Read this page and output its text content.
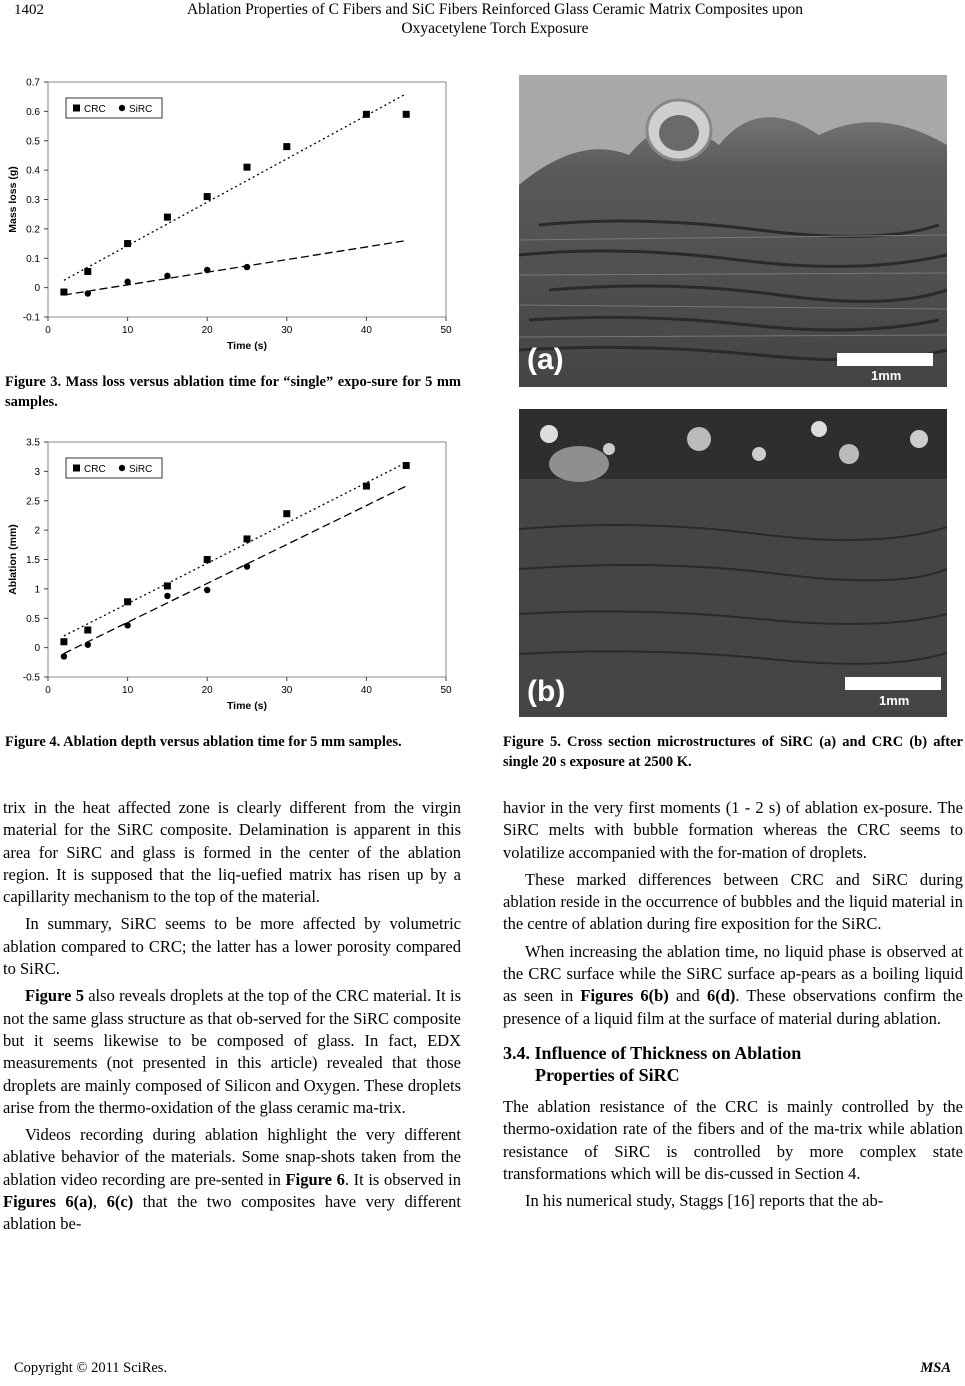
1402	Ablation Properties of C Fibers and SiC Fibers Reinforced Glass Ceramic Matrix Composites upon
Oxyacetylene Torch Exposure
0	10	20	30	40	50
-0.1
0
0.1
0.2
0.3
0.4
0.5
0.6
0.7
Time (s)
Mass loss (g)
CRC SiRC
Figure 3. Mass loss versus ablation time for “single” expo-sure for 5 mm samples.
0	10	20	30	40	50
-0.5
0
0.5
1
1.5
2
2.5
3
3.5
Time (s)
Ablation (mm)
CRC SiRC
Figure 4. Ablation depth versus ablation time for 5 mm samples.
(a)	1mm
(b)	1mm
Figure 5. Cross section microstructures of SiRC (a) and CRC (b) after single 20 s exposure at 2500 K.

trix in the heat affected zone is clearly different from the virgin material for the SiRC composite. Delamination is apparent in this area for SiRC and glass is formed in the center of the ablation region. It is supposed that the liq-uefied matrix has risen up by a capillarity mechanism to the top of the material.

In summary, SiRC seems to be more affected by volumetric ablation compared to CRC; the latter has a lower porosity compared to SiRC.

Figure 5 also reveals droplets at the top of the CRC material. It is not the same glass structure as that ob-served for the SiRC composite but it seems likewise to be composed of glass. In fact, EDX measurements (not presented in this article) revealed that those droplets are mainly composed of Silicon and Oxygen. These droplets arise from the thermo-oxidation of the glass ceramic ma-trix.

Videos recording during ablation highlight the very different ablative behavior of the materials. Some snap-shots taken from the ablation video recording are pre-sented in Figure 6. It is observed in Figures 6(a), 6(c) that the two composites have very different ablation be-

havior in the very first moments (1 - 2 s) of ablation ex-posure. The SiRC melts with bubble formation whereas the CRC seems to volatilize accompanied with the for-mation of droplets.

These marked differences between CRC and SiRC during ablation reside in the occurrence of bubbles and the liquid material in the centre of ablation during fire exposition for the SiRC.

When increasing the ablation time, no liquid phase is observed at the CRC surface while the SiRC surface ap-pears as a boiling liquid as seen in Figures 6(b) and 6(d). These observations confirm the presence of a liquid film at the surface of material during ablation.

3.4. Influence of Thickness on Ablation
Properties of SiRC

The ablation resistance of the CRC is mainly controlled by the thermo-oxidation rate of the fibers and of the ma-trix while ablation resistance of SiRC is controlled by more complex state transformations which will be dis-cussed in Section 4.

In his numerical study, Staggs [16] reports that the ab-

Copyright © 2011 SciRes.	MSA
